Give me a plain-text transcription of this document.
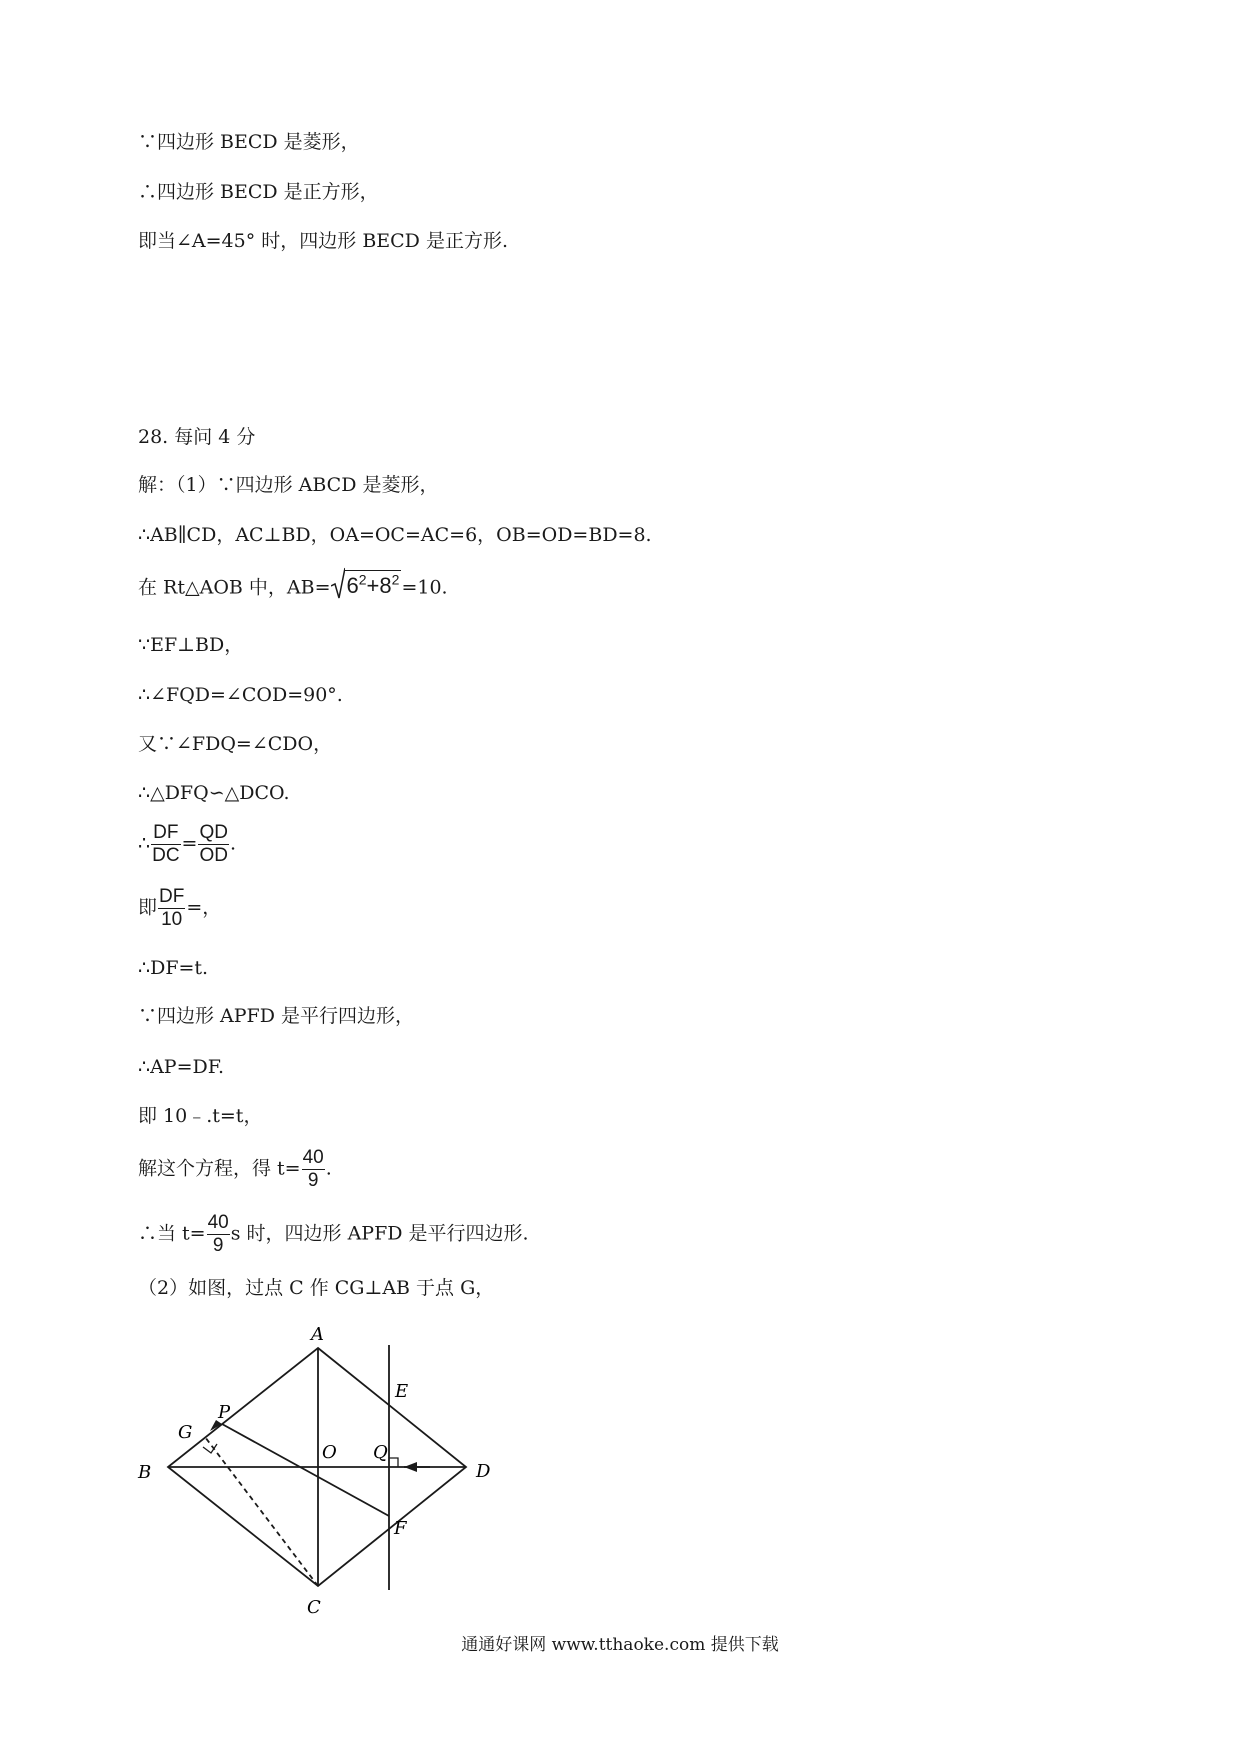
∵四边形 BECD 是菱形，
∴四边形 BECD 是正方形，
即当∠A=45° 时，四边形 BECD 是正方形.
28. 每问 4 分
解：（1）∵四边形 ABCD 是菱形，
∴AB∥CD，AC⊥BD，OA=OC=AC=6，OB=OD=BD=8.
在 Rt△AOB 中，$AB= 6^2+8^2 =10$.
∵EF⊥BD，
∴∠FQD=∠COD=90°.
又∵∠FDQ=∠CDO，
∴△DFQ∽△DCO.
∴ $\frac{DF}{DC} = \frac{QD}{OD}$ .
即 $\frac{DF}{10}$ =，
∴DF=t.
∵四边形 APFD 是平行四边形，
∴AP=DF.
即 10﹣.t=t，
解这个方程，得 $t= \frac{40}{9}$ .
∴当 $t= \frac{40}{9}$ s 时，四边形 APFD 是平行四边形.
（2）如图，过点 C 作 CG⊥AB 于点 G，
A
B
C
D
E
F
G
P
O Q
通通好课网 www.tthaoke.com 提供下载
